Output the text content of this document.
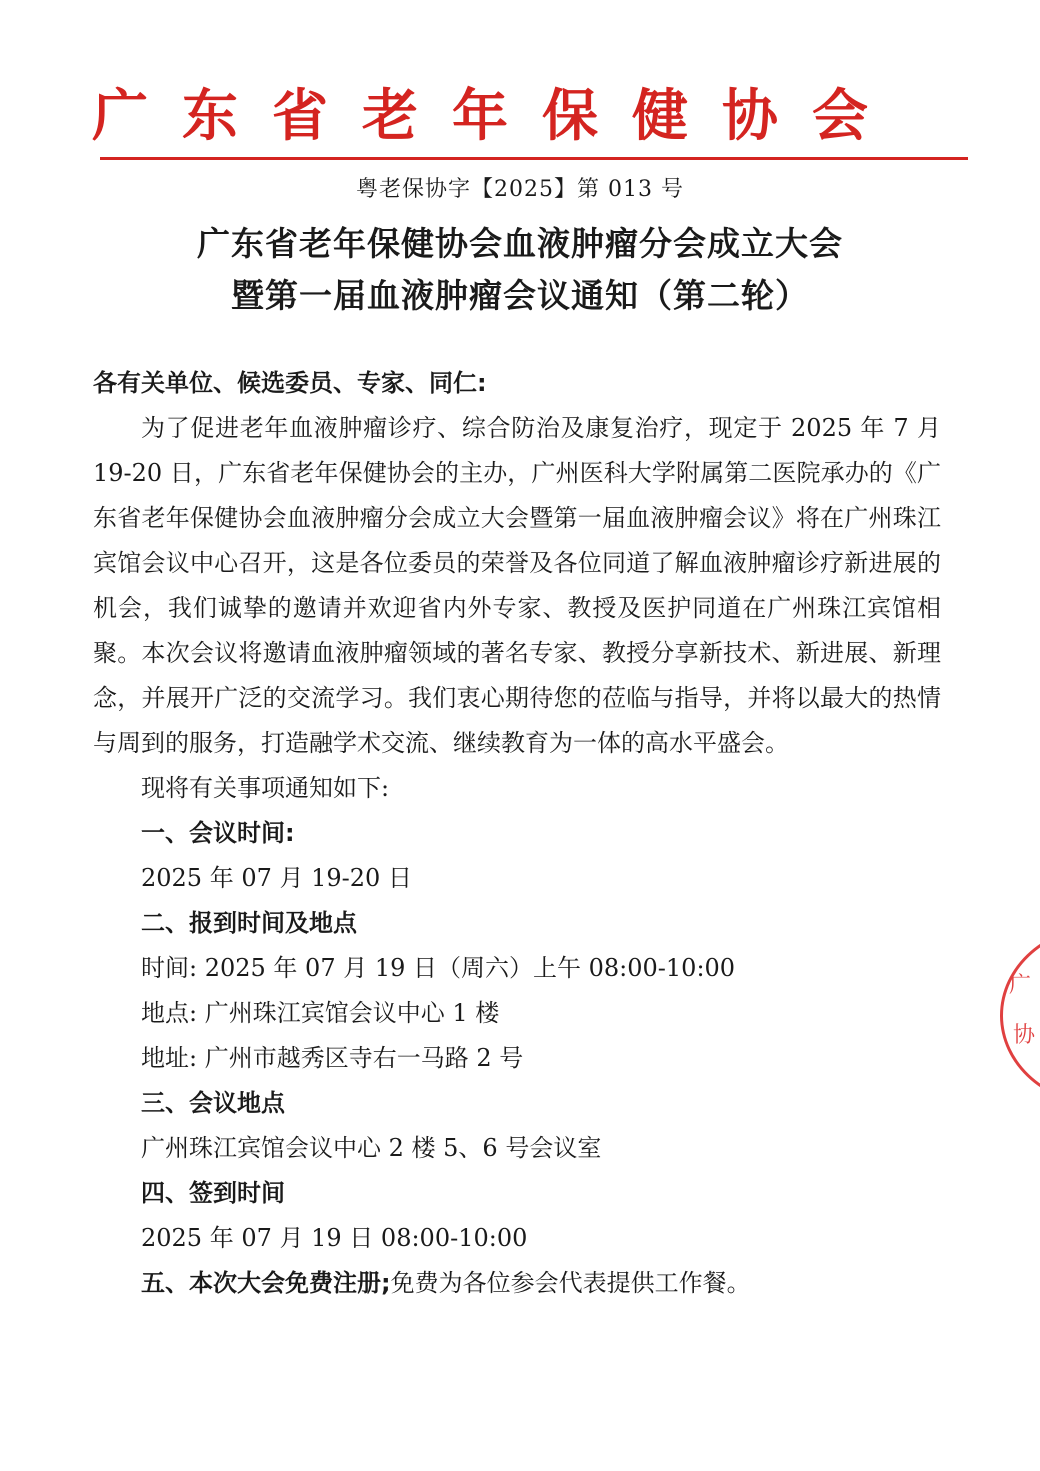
广东省老年保健协会
粤老保协字【2025】第 013 号
广东省老年保健协会血液肿瘤分会成立大会
暨第一届血液肿瘤会议通知（第二轮）

各有关单位、候选委员、专家、同仁:

为了促进老年血液肿瘤诊疗、综合防治及康复治疗，现定于 2025 年 7 月 19-20 日，广东省老年保健协会的主办，广州医科大学附属第二医院承办的《广东省老年保健协会血液肿瘤分会成立大会暨第一届血液肿瘤会议》将在广州珠江宾馆会议中心召开，这是各位委员的荣誉及各位同道了解血液肿瘤诊疗新进展的机会，我们诚挚的邀请并欢迎省内外专家、教授及医护同道在广州珠江宾馆相聚。本次会议将邀请血液肿瘤领域的著名专家、教授分享新技术、新进展、新理念，并展开广泛的交流学习。我们衷心期待您的莅临与指导，并将以最大的热情与周到的服务，打造融学术交流、继续教育为一体的高水平盛会。

现将有关事项通知如下:

一、会议时间:

2025 年 07 月 19-20 日

二、报到时间及地点

时间: 2025 年 07 月 19 日（周六）上午 08:00-10:00

地点: 广州珠江宾馆会议中心 1 楼

地址: 广州市越秀区寺右一马路 2 号

三、会议地点

广州珠江宾馆会议中心 2 楼 5、6 号会议室

四、签到时间

2025 年 07 月 19 日 08:00-10:00

五、本次大会免费注册;免费为各位参会代表提供工作餐。

广
协
